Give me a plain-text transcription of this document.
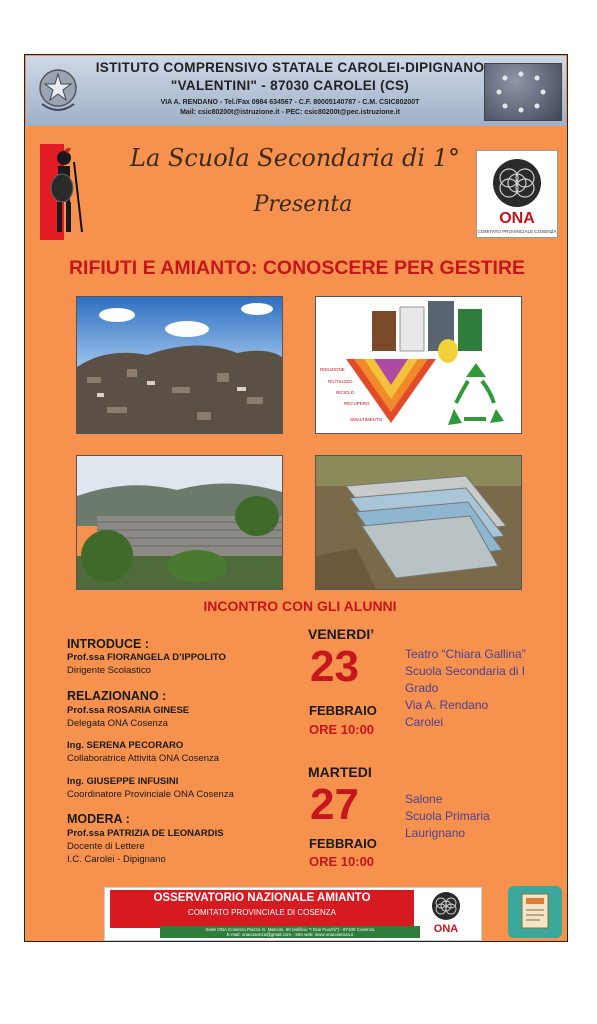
ISTITUTO COMPRENSIVO STATALE CAROLEI-DIPIGNANO
"VALENTINI" - 87030 CAROLEI (CS)
VIA A. RENDANO - Tel./Fax 0984 634567 - C.F. 80005140787 - C.M. CSIC80200T
Mail: csic80200t@istruzione.it - PEC: csic80200t@pec.istruzione.it
La Scuola Secondaria di 1°
Presenta
ONA
COMITATO PROVINCIALE COSENZA
RIFIUTI E AMIANTO: CONOSCERE PER GESTIRE
RIDUZIONE
RIUTILIZZO
RICICLO
RECUPERO
SMALTIMENTO
INCONTRO CON GLI ALUNNI
INTRODUCE :
Prof.ssa FIORANGELA D’IPPOLITO
Dirigente Scolastico
RELAZIONANO :
Prof.ssa ROSARIA GINESE
Delegata ONA Cosenza
Ing. SERENA PECORARO
Collaboratrice Attività ONA Cosenza
Ing. GIUSEPPE INFUSINI
Coordinatore Provinciale ONA Cosenza
MODERA :
Prof.ssa PATRIZIA DE LEONARDIS
Docente di Lettere
I.C. Carolei - Dipignano
VENERDI’
23
FEBBRAIO
ORE 10:00
Teatro “Chiara Gallina”
Scuola Secondaria di I
Grado
Via A. Rendano
Carolei
MARTEDI
27
FEBBRAIO
ORE 10:00
Salone
Scuola Primaria
Laurignano
OSSERVATORIO NAZIONALE AMIANTO
COMITATO PROVINCIALE DI COSENZA
Sede ONA Cosenza Piazza G. Mancini, 60 (edificio "I Due Fuochi") - 87100 Cosenza
E-mail: onacosenza@gmail.com - Sito web: www.onacosenza.it	ONA
